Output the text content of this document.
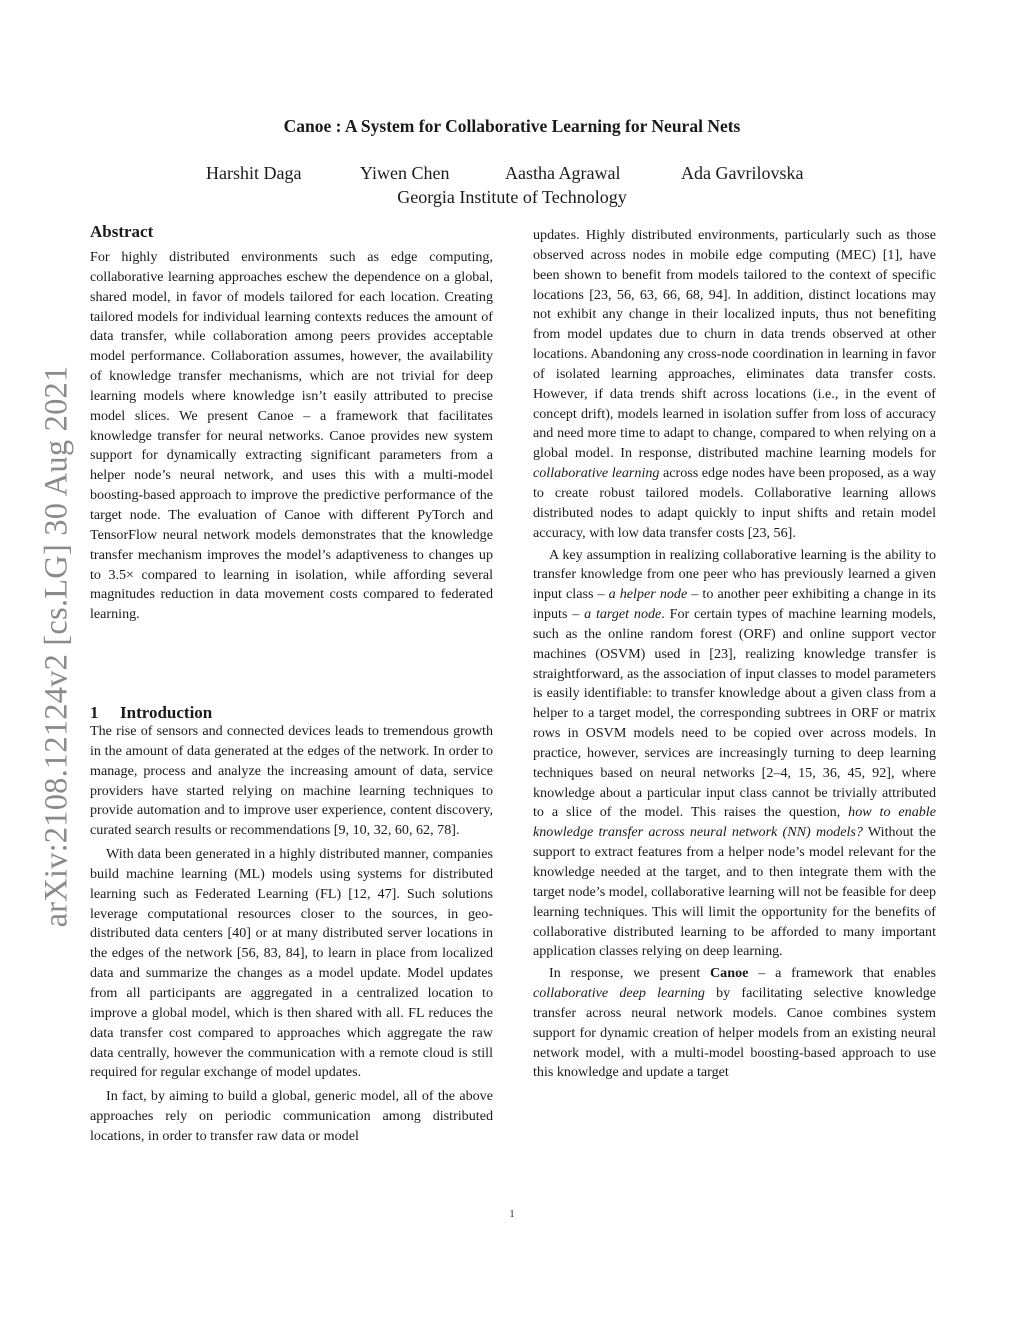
arXiv:2108.12124v2 [cs.LG] 30 Aug 2021
Canoe : A System for Collaborative Learning for Neural Nets
Harshit Daga	Yiwen Chen	Aastha Agrawal	Ada Gavrilovska
Georgia Institute of Technology
Abstract

For highly distributed environments such as edge computing, collaborative learning approaches eschew the dependence on a global, shared model, in favor of models tailored for each location. Creating tailored models for individual learning contexts reduces the amount of data transfer, while collaboration among peers provides acceptable model performance. Collaboration assumes, however, the availability of knowledge transfer mechanisms, which are not trivial for deep learning models where knowledge isn’t easily attributed to precise model slices. We present Canoe – a framework that facilitates knowledge transfer for neural networks. Canoe provides new system support for dynamically extracting significant parameters from a helper node’s neural network, and uses this with a multi-model boosting-based approach to improve the predictive performance of the target node. The evaluation of Canoe with different PyTorch and TensorFlow neural network models demonstrates that the knowledge transfer mechanism improves the model’s adaptiveness to changes up to 3.5× compared to learning in isolation, while affording several magnitudes reduction in data movement costs compared to federated learning.

1 Introduction

The rise of sensors and connected devices leads to tremendous growth in the amount of data generated at the edges of the network. In order to manage, process and analyze the increasing amount of data, service providers have started relying on machine learning techniques to provide automation and to improve user experience, content discovery, curated search results or recommendations [9, 10, 32, 60, 62, 78].

With data been generated in a highly distributed manner, companies build machine learning (ML) models using systems for distributed learning such as Federated Learning (FL) [12, 47]. Such solutions leverage computational resources closer to the sources, in geo-distributed data centers [40] or at many distributed server locations in the edges of the network [56, 83, 84], to learn in place from localized data and summarize the changes as a model update. Model updates from all participants are aggregated in a centralized location to improve a global model, which is then shared with all. FL reduces the data transfer cost compared to approaches which aggregate the raw data centrally, however the communication with a remote cloud is still required for regular exchange of model updates.

In fact, by aiming to build a global, generic model, all of the above approaches rely on periodic communication among distributed locations, in order to transfer raw data or model

updates. Highly distributed environments, particularly such as those observed across nodes in mobile edge computing (MEC) [1], have been shown to benefit from models tailored to the context of specific locations [23, 56, 63, 66, 68, 94]. In addition, distinct locations may not exhibit any change in their localized inputs, thus not benefiting from model updates due to churn in data trends observed at other locations. Abandoning any cross-node coordination in learning in favor of isolated learning approaches, eliminates data transfer costs. However, if data trends shift across locations (i.e., in the event of concept drift), models learned in isolation suffer from loss of accuracy and need more time to adapt to change, compared to when relying on a global model. In response, distributed machine learning models for collaborative learning across edge nodes have been proposed, as a way to create robust tailored models. Collaborative learning allows distributed nodes to adapt quickly to input shifts and retain model accuracy, with low data transfer costs [23, 56].

A key assumption in realizing collaborative learning is the ability to transfer knowledge from one peer who has previously learned a given input class – a helper node – to another peer exhibiting a change in its inputs – a target node. For certain types of machine learning models, such as the online random forest (ORF) and online support vector machines (OSVM) used in [23], realizing knowledge transfer is straightforward, as the association of input classes to model parameters is easily identifiable: to transfer knowledge about a given class from a helper to a target model, the corresponding subtrees in ORF or matrix rows in OSVM models need to be copied over across models. In practice, however, services are increasingly turning to deep learning techniques based on neural networks [2–4, 15, 36, 45, 92], where knowledge about a particular input class cannot be trivially attributed to a slice of the model. This raises the question, how to enable knowledge transfer across neural network (NN) models? Without the support to extract features from a helper node’s model relevant for the knowledge needed at the target, and to then integrate them with the target node’s model, collaborative learning will not be feasible for deep learning techniques. This will limit the opportunity for the benefits of collaborative distributed learning to be afforded to many important application classes relying on deep learning.

In response, we present Canoe – a framework that enables collaborative deep learning by facilitating selective knowledge transfer across neural network models. Canoe combines system support for dynamic creation of helper models from an existing neural network model, with a multi-model boosting-based approach to use this knowledge and update a target

1
